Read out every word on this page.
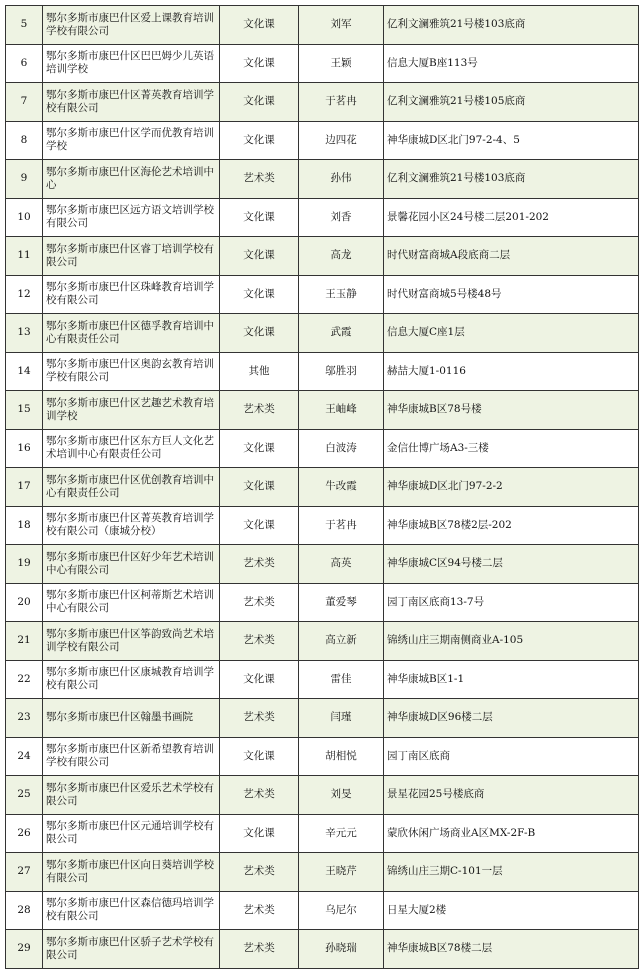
5	鄂尔多斯市康巴什区爱上课教育培训学校有限公司	文化课	刘军	亿利文澜雅筑21号楼103底商
6	鄂尔多斯市康巴什区巴巴姆少儿英语培训学校	文化课	王颖	信息大厦B座113号
7	鄂尔多斯市康巴什区菁英教育培训学校有限公司	文化课	于茗冉	亿利文澜雅筑21号楼105底商
8	鄂尔多斯市康巴什区学而优教育培训学校	文化课	边四花	神华康城D区北门97-2-4、5
9	鄂尔多斯市康巴什区海伦艺术培训中心	艺术类	孙伟	亿利文澜雅筑21号楼103底商
10	鄂尔多斯市康巴区远方语文培训学校有限公司	文化课	刘香	景馨花园小区24号楼二层201-202
11	鄂尔多斯市康巴什区睿丁培训学校有限公司	文化课	高龙	时代财富商城A段底商二层
12	鄂尔多斯市康巴什区珠峰教育培训学校有限公司	文化课	王玉静	时代财富商城5号楼48号
13	鄂尔多斯市康巴什区德孚教育培训中心有限责任公司	文化课	武霞	信息大厦C座1层
14	鄂尔多斯市康巴什区奥韵玄教育培训学校有限公司	其他	邬胜羽	赫喆大厦1-0116
15	鄂尔多斯市康巴什区艺趣艺术教育培训学校	艺术类	王岫峰	神华康城B区78号楼
16	鄂尔多斯市康巴什区东方巨人文化艺术培训中心有限责任公司	文化课	白波涛	金信仕博广场A3-三楼
17	鄂尔多斯市康巴什区优创教育培训中心有限责任公司	文化课	牛改霞	神华康城D区北门97-2-2
18	鄂尔多斯市康巴什区菁英教育培训学校有限公司（康城分校）	文化课	于茗冉	神华康城B区78楼2层-202
19	鄂尔多斯市康巴什区好少年艺术培训中心有限公司	艺术类	高英	神华康城C区94号楼二层
20	鄂尔多斯市康巴什区柯蒂斯艺术培训中心有限公司	艺术类	董爱琴	园丁南区底商13-7号
21	鄂尔多斯市康巴什区筝韵致尚艺术培训学校有限公司	艺术类	高立新	锦绣山庄三期南侧商业A-105
22	鄂尔多斯市康巴什区康城教育培训学校有限公司	文化课	雷佳	神华康城B区1-1
23	鄂尔多斯市康巴什区翰墨书画院	艺术类	闫瑾	神华康城D区96楼二层
24	鄂尔多斯市康巴什区新希望教育培训学校有限公司	文化课	胡相悦	园丁南区底商
25	鄂尔多斯市康巴什区爱乐艺术学校有限公司	艺术类	刘旻	景星花园25号楼底商
26	鄂尔多斯市康巴什区元通培训学校有限公司	文化课	辛元元	蒙欣休闲广场商业A区MX-2F-B
27	鄂尔多斯市康巴什区向日葵培训学校有限公司	艺术类	王晓芹	锦绣山庄三期C-101一层
28	鄂尔多斯市康巴什区森信德玛培训学校有限公司	艺术类	乌尼尔	日星大厦2楼
29	鄂尔多斯市康巴什区骄子艺术学校有限公司	艺术类	孙晓瑞	神华康城B区78楼二层
